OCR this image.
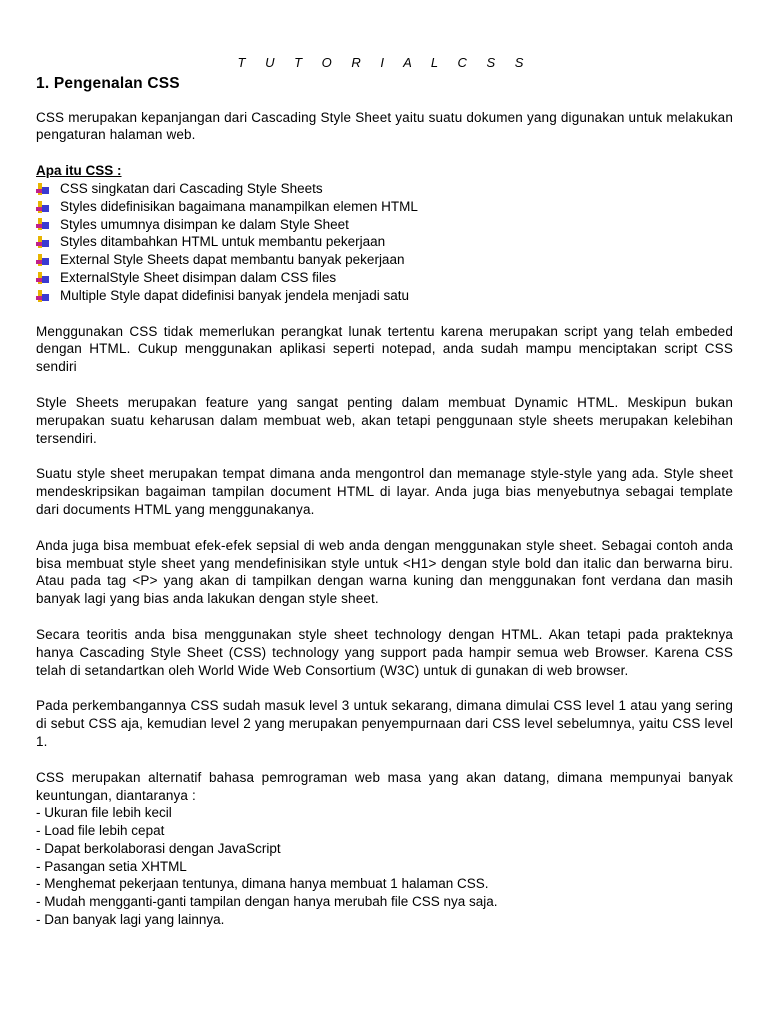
T U T O R I A L C S S
1. Pengenalan CSS

CSS merupakan kepanjangan dari Cascading Style Sheet yaitu suatu dokumen yang digunakan untuk melakukan pengaturan halaman web.

Apa itu CSS :

CSS singkatan dari Cascading Style Sheets
Styles didefinisikan bagaimana manampilkan elemen HTML
Styles umumnya disimpan ke dalam Style Sheet
Styles ditambahkan HTML untuk membantu pekerjaan
External Style Sheets dapat membantu banyak pekerjaan
ExternalStyle Sheet disimpan dalam CSS files
Multiple Style dapat didefinisi banyak jendela menjadi satu

Menggunakan CSS tidak memerlukan perangkat lunak tertentu karena merupakan script yang telah embeded dengan HTML. Cukup menggunakan aplikasi seperti notepad, anda sudah mampu menciptakan script CSS sendiri

Style Sheets merupakan feature yang sangat penting dalam membuat Dynamic HTML. Meskipun bukan merupakan suatu keharusan dalam membuat web, akan tetapi penggunaan style sheets merupakan kelebihan tersendiri.

Suatu style sheet merupakan tempat dimana anda mengontrol dan memanage style-style yang ada. Style sheet mendeskripsikan bagaiman tampilan document HTML di layar. Anda juga bias menyebutnya sebagai template dari documents HTML yang menggunakanya.

Anda juga bisa membuat efek-efek sepsial di web anda dengan menggunakan style sheet. Sebagai contoh anda bisa membuat style sheet yang mendefinisikan style untuk <H1> dengan style bold dan italic dan berwarna biru. Atau pada tag <P> yang akan di tampilkan dengan warna kuning dan menggunakan font verdana dan masih banyak lagi yang bias anda lakukan dengan style sheet.

Secara teoritis anda bisa menggunakan style sheet technology dengan HTML. Akan tetapi pada prakteknya hanya Cascading Style Sheet (CSS) technology yang support pada hampir semua web Browser. Karena CSS telah di setandartkan oleh World Wide Web Consortium (W3C) untuk di gunakan di web browser.

Pada perkembangannya CSS sudah masuk level 3 untuk sekarang, dimana dimulai CSS level 1 atau yang sering di sebut CSS aja, kemudian level 2 yang merupakan penyempurnaan dari CSS level sebelumnya, yaitu CSS level 1.

CSS merupakan alternatif bahasa pemrograman web masa yang akan datang, dimana mempunyai banyak keuntungan, diantaranya :

- Ukuran file lebih kecil
- Load file lebih cepat
- Dapat berkolaborasi dengan JavaScript
- Pasangan setia XHTML
- Menghemat pekerjaan tentunya, dimana hanya membuat 1 halaman CSS.
- Mudah mengganti-ganti tampilan dengan hanya merubah file CSS nya saja.
- Dan banyak lagi yang lainnya.
